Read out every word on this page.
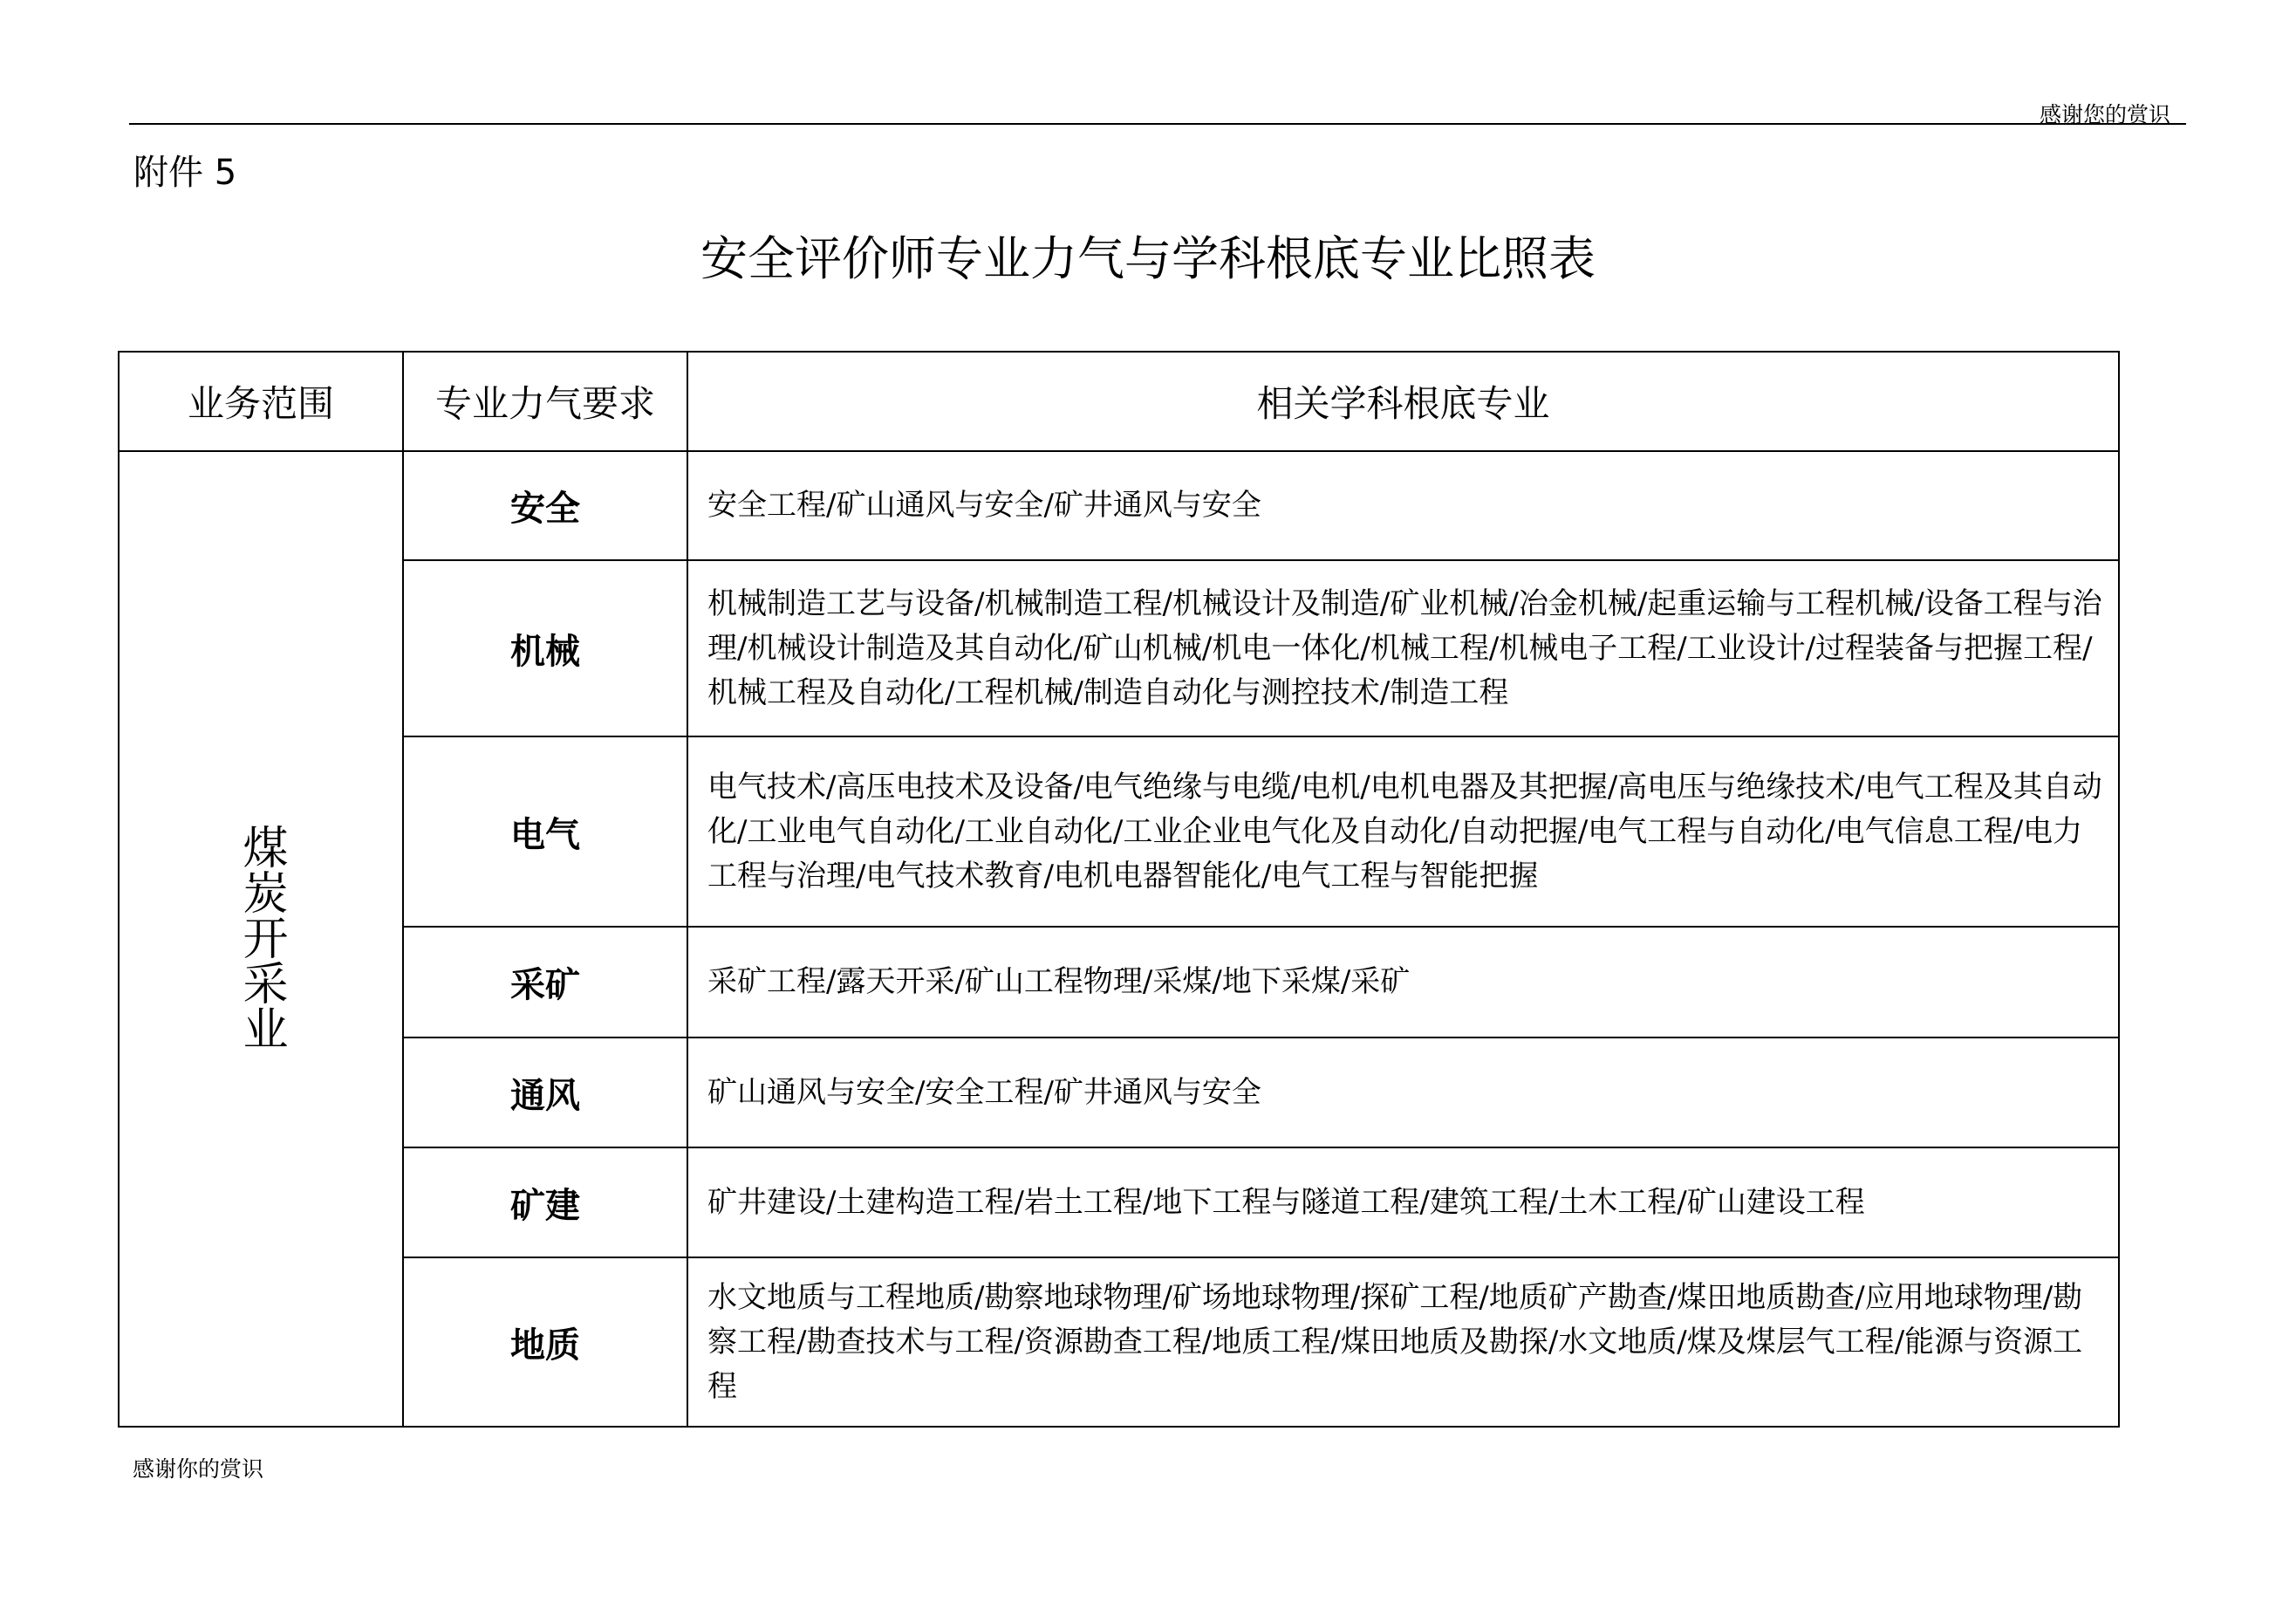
感谢您的赏识
附件 5
安全评价师专业力气与学科根底专业比照表
业务范围	专业力气要求	相关学科根底专业
煤炭开采业	安全	安全工程/矿山通风与安全/矿井通风与安全
	机械	机械制造工艺与设备/机械制造工程/机械设计及制造/矿业机械/冶金机械/起重运输与工程机械/设备工程与治理/机械设计制造及其自动化/矿山机械/机电一体化/机械工程/机械电子工程/工业设计/过程装备与把握工程/机械工程及自动化/工程机械/制造自动化与测控技术/制造工程
	电气	电气技术/高压电技术及设备/电气绝缘与电缆/电机/电机电器及其把握/高电压与绝缘技术/电气工程及其自动化/工业电气自动化/工业自动化/工业企业电气化及自动化/自动把握/电气工程与自动化/电气信息工程/电力工程与治理/电气技术教育/电机电器智能化/电气工程与智能把握
	采矿	采矿工程/露天开采/矿山工程物理/采煤/地下采煤/采矿
	通风	矿山通风与安全/安全工程/矿井通风与安全
	矿建	矿井建设/土建构造工程/岩土工程/地下工程与隧道工程/建筑工程/土木工程/矿山建设工程
	地质	水文地质与工程地质/勘察地球物理/矿场地球物理/探矿工程/地质矿产勘查/煤田地质勘查/应用地球物理/勘察工程/勘查技术与工程/资源勘查工程/地质工程/煤田地质及勘探/水文地质/煤及煤层气工程/能源与资源工程
感谢你的赏识
